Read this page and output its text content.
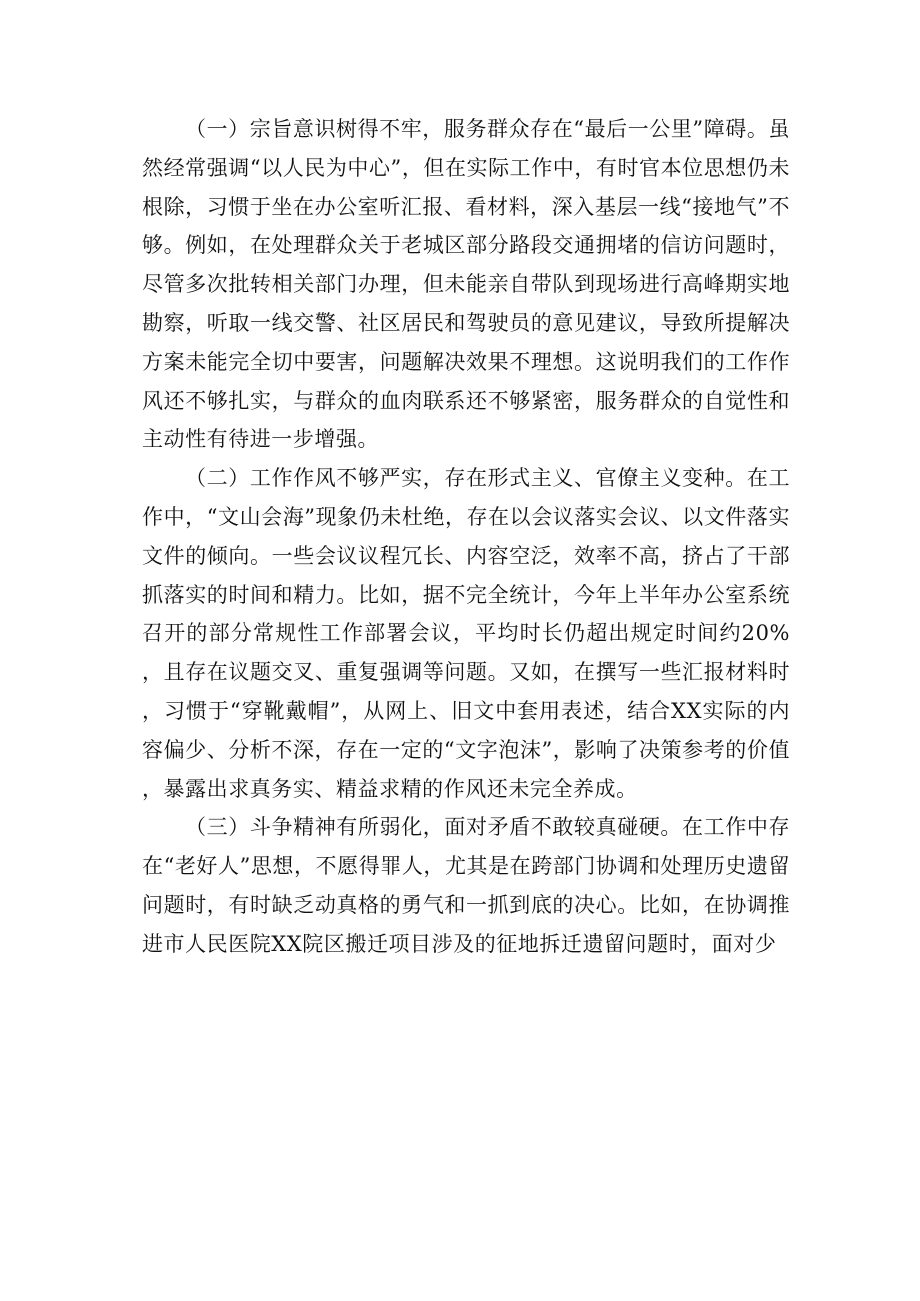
（一）宗旨意识树得不牢，服务群众存在“最后一公里”障碍。虽然经常强调“以人民为中心”，但在实际工作中，有时官本位思想仍未根除，习惯于坐在办公室听汇报、看材料，深入基层一线“接地气”不够。例如，在处理群众关于老城区部分路段交通拥堵的信访问题时，尽管多次批转相关部门办理，但未能亲自带队到现场进行高峰期实地勘察，听取一线交警、社区居民和驾驶员的意见建议，导致所提解决方案未能完全切中要害，问题解决效果不理想。这说明我们的工作作风还不够扎实，与群众的血肉联系还不够紧密，服务群众的自觉性和主动性有待进一步增强。

（二）工作作风不够严实，存在形式主义、官僚主义变种。在工作中，“文山会海”现象仍未杜绝，存在以会议落实会议、以文件落实文件的倾向。一些会议议程冗长、内容空泛，效率不高，挤占了干部抓落实的时间和精力。比如，据不完全统计，今年上半年办公室系统召开的部分常规性工作部署会议，平均时长仍超出规定时间约20%，且存在议题交叉、重复强调等问题。又如，在撰写一些汇报材料时，习惯于“穿靴戴帽”，从网上、旧文中套用表述，结合XX实际的内容偏少、分析不深，存在一定的“文字泡沫”，影响了决策参考的价值，暴露出求真务实、精益求精的作风还未完全养成。

（三）斗争精神有所弱化，面对矛盾不敢较真碰硬。在工作中存在“老好人”思想，不愿得罪人，尤其是在跨部门协调和处理历史遗留问题时，有时缺乏动真格的勇气和一抓到底的决心。比如，在协调推进市人民医院XX院区搬迁项目涉及的征地拆迁遗留问题时，面对少
